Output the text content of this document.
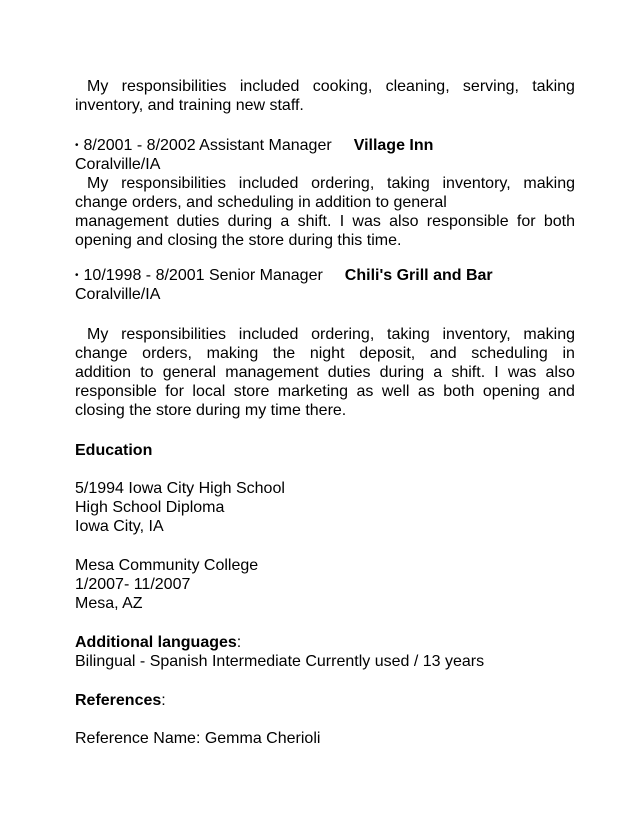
My responsibilities included cooking, cleaning, serving, taking
inventory, and training new staff.
• 8/2001 - 8/2002 Assistant Manager Village Inn
Coralville/IA
My responsibilities included ordering, taking inventory, making
change orders, and scheduling in addition to general
management duties during a shift. I was also responsible for both
opening and closing the store during this time.
• 10/1998 - 8/2001 Senior Manager Chili's Grill and Bar
Coralville/IA
My responsibilities included ordering, taking inventory, making
change orders, making the night deposit, and scheduling in
addition to general management duties during a shift. I was also
responsible for local store marketing as well as both opening and
closing the store during my time there.
Education
5/1994 Iowa City High School
High School Diploma
Iowa City, IA
Mesa Community College
1/2007- 11/2007
Mesa, AZ
Additional languages:
Bilingual - Spanish Intermediate Currently used / 13 years
References:
Reference Name: Gemma Cherioli
